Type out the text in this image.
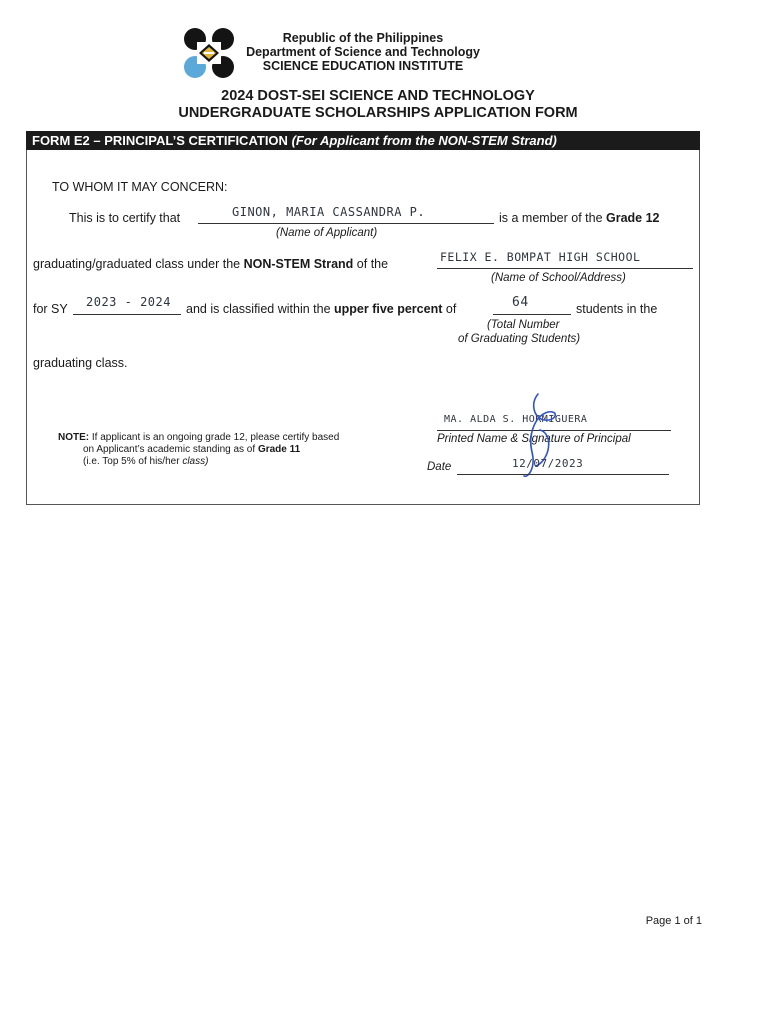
Republic of the Philippines
Department of Science and Technology
SCIENCE EDUCATION INSTITUTE
2024 DOST-SEI SCIENCE AND TECHNOLOGY
UNDERGRADUATE SCHOLARSHIPS APPLICATION FORM
FORM E2 – PRINCIPAL’S CERTIFICATION (For Applicant from the NON-STEM Strand)
TO WHOM IT MAY CONCERN:
This is to certify that	GINON, MARIA CASSANDRA P.	is a member of the Grade 12
(Name of Applicant)
graduating/graduated class under the NON-STEM Strand of the	FELIX E. BOMPAT HIGH SCHOOL
(Name of School/Address)
for SY 2023 - 2024 and is classified within the upper five percent of	64	students in the
(Total Number
of Graduating Students)
graduating class.
NOTE: If applicant is an ongoing grade 12, please certify based
on Applicant’s academic standing as of Grade 11
(i.e. Top 5% of his/her class)
MA. ALDA S. HORMIGUERA
Printed Name & Signature of Principal
Date	12/07/2023
Page 1 of 1
